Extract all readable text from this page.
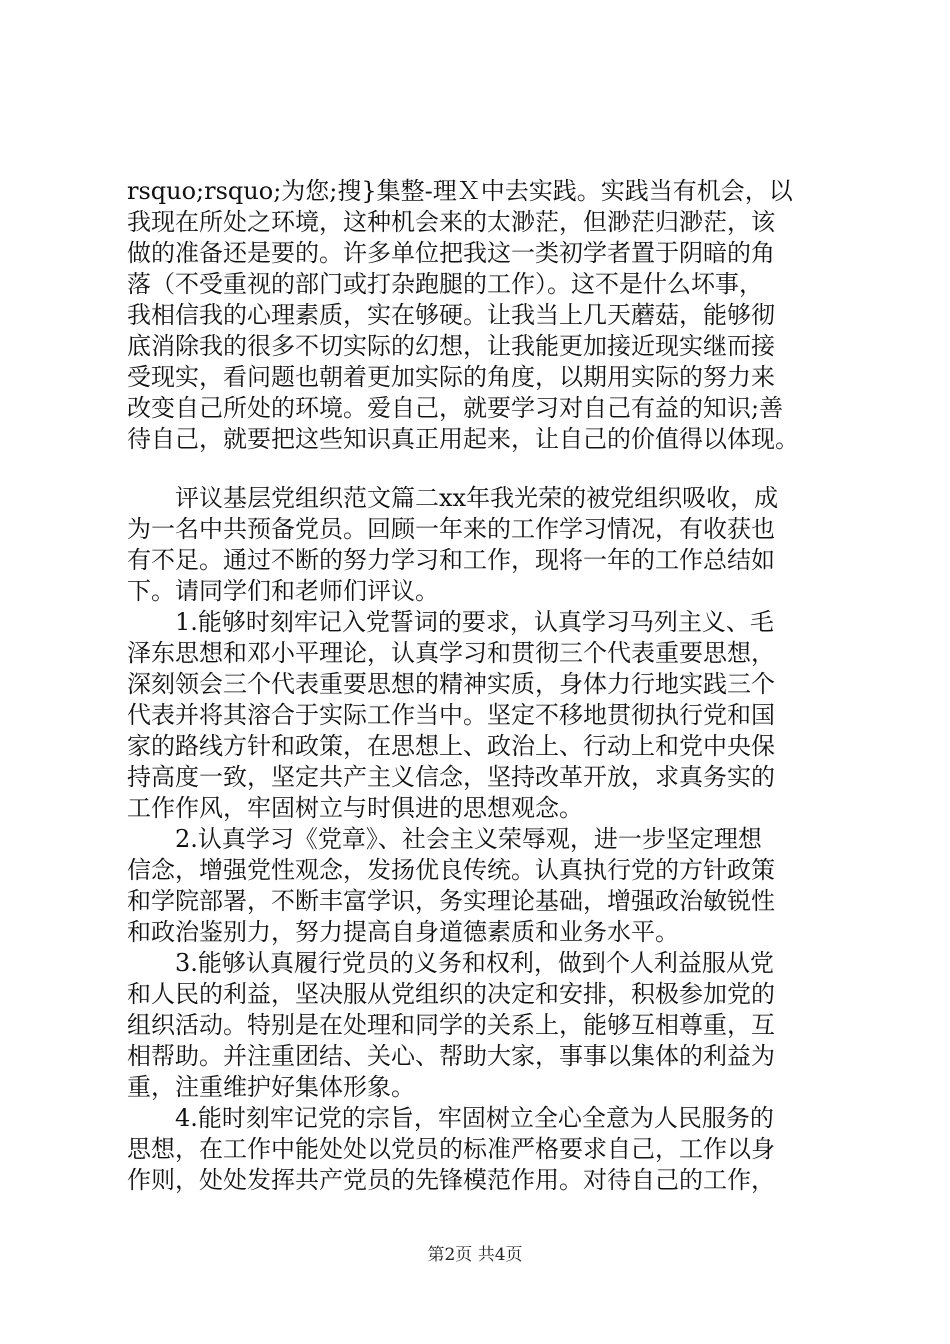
rsquo;rsquo;为您;搜}集整-理Ｘ中去实践。实践当有机会，以
我现在所处之环境，这种机会来的太渺茫，但渺茫归渺茫，该
做的准备还是要的。许多单位把我这一类初学者置于阴暗的角
落（不受重视的部门或打杂跑腿的工作）。这不是什么坏事，
我相信我的心理素质，实在够硬。让我当上几天蘑菇，能够彻
底消除我的很多不切实际的幻想，让我能更加接近现实继而接
受现实，看问题也朝着更加实际的角度，以期用实际的努力来
改变自己所处的环境。爱自己，就要学习对自己有益的知识;善
待自己，就要把这些知识真正用起来，让自己的价值得以体现。
　　评议基层党组织范文篇二xx年我光荣的被党组织吸收，成
为一名中共预备党员。回顾一年来的工作学习情况，有收获也
有不足。通过不断的努力学习和工作，现将一年的工作总结如
下。请同学们和老师们评议。
　　1.能够时刻牢记入党誓词的要求，认真学习马列主义、毛
泽东思想和邓小平理论，认真学习和贯彻三个代表重要思想，
深刻领会三个代表重要思想的精神实质，身体力行地实践三个
代表并将其溶合于实际工作当中。坚定不移地贯彻执行党和国
家的路线方针和政策，在思想上、政治上、行动上和党中央保
持高度一致，坚定共产主义信念，坚持改革开放，求真务实的
工作作风，牢固树立与时俱进的思想观念。
　　2.认真学习《党章》、社会主义荣辱观，进一步坚定理想
信念，增强党性观念，发扬优良传统。认真执行党的方针政策
和学院部署，不断丰富学识，务实理论基础，增强政治敏锐性
和政治鉴别力，努力提高自身道德素质和业务水平。
　　3.能够认真履行党员的义务和权利，做到个人利益服从党
和人民的利益，坚决服从党组织的决定和安排，积极参加党的
组织活动。特别是在处理和同学的关系上，能够互相尊重，互
相帮助。并注重团结、关心、帮助大家，事事以集体的利益为
重，注重维护好集体形象。
　　4.能时刻牢记党的宗旨，牢固树立全心全意为人民服务的
思想，在工作中能处处以党员的标准严格要求自己，工作以身
作则，处处发挥共产党员的先锋模范作用。对待自己的工作，
第2页 共4页
